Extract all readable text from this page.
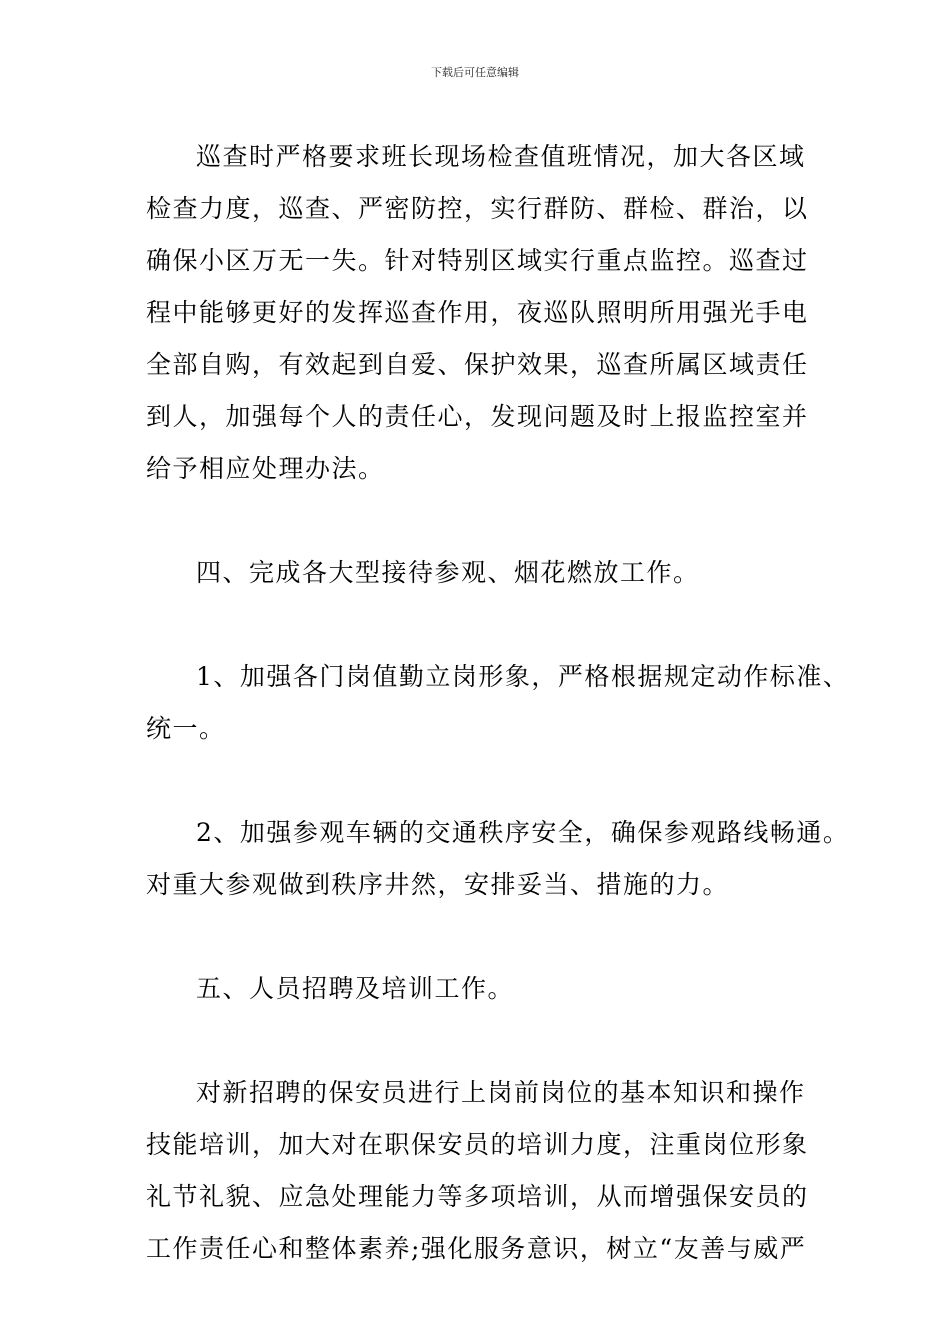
下载后可任意编辑
巡查时严格要求班长现场检查值班情况，加大各区域
检查力度，巡查、严密防控，实行群防、群检、群治，以
确保小区万无一失。针对特别区域实行重点监控。巡查过
程中能够更好的发挥巡查作用，夜巡队照明所用强光手电
全部自购，有效起到自爱、保护效果，巡查所属区域责任
到人，加强每个人的责任心，发现问题及时上报监控室并
给予相应处理办法。
四、完成各大型接待参观、烟花燃放工作。
1、加强各门岗值勤立岗形象，严格根据规定动作标准、
统一。
2、加强参观车辆的交通秩序安全，确保参观路线畅通。
对重大参观做到秩序井然，安排妥当、措施的力。
五、人员招聘及培训工作。
对新招聘的保安员进行上岗前岗位的基本知识和操作
技能培训，加大对在职保安员的培训力度，注重岗位形象
礼节礼貌、应急处理能力等多项培训，从而增强保安员的
工作责任心和整体素养;强化服务意识，树立“友善与威严
